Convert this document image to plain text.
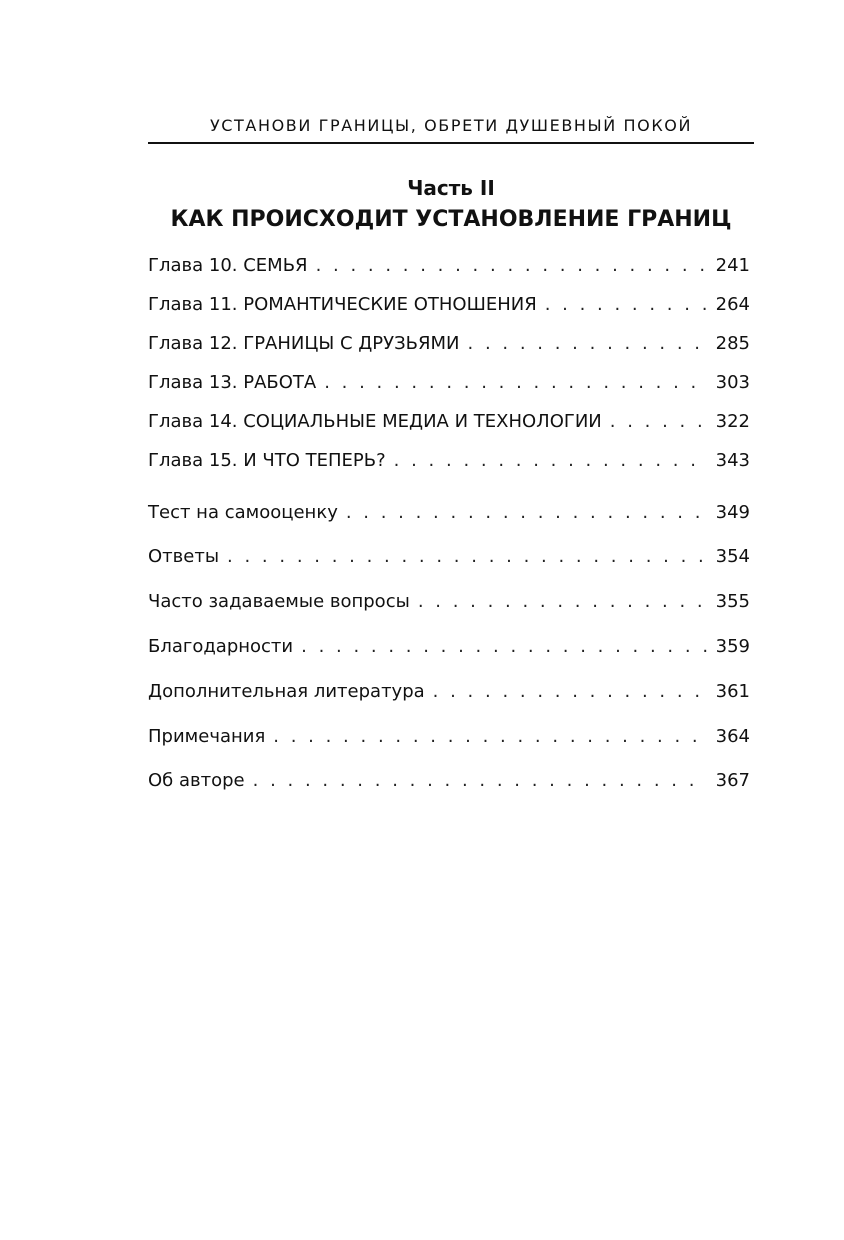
УСТАНОВИ ГРАНИЦЫ, ОБРЕТИ ДУШЕВНЫЙ ПОКОЙ
Часть II
КАК ПРОИСХОДИТ УСТАНОВЛЕНИЕ ГРАНИЦ
Глава 10. СЕМЬЯ . . .	241
Глава 11. РОМАНТИЧЕСКИЕ ОТНОШЕНИЯ . . .	264
Глава 12. ГРАНИЦЫ С ДРУЗЬЯМИ . . .	285
Глава 13. РАБОТА . . .	303
Глава 14. СОЦИАЛЬНЫЕ МЕДИА И ТЕХНОЛОГИИ . . .	322
Глава 15. И ЧТО ТЕПЕРЬ? . . .	343
Тест на самооценку . . .	349
Ответы . . .	354
Часто задаваемые вопросы . . .	355
Благодарности . . .	359
Дополнительная литература . . .	361
Примечания . . .	364
Об авторе . . .	367
